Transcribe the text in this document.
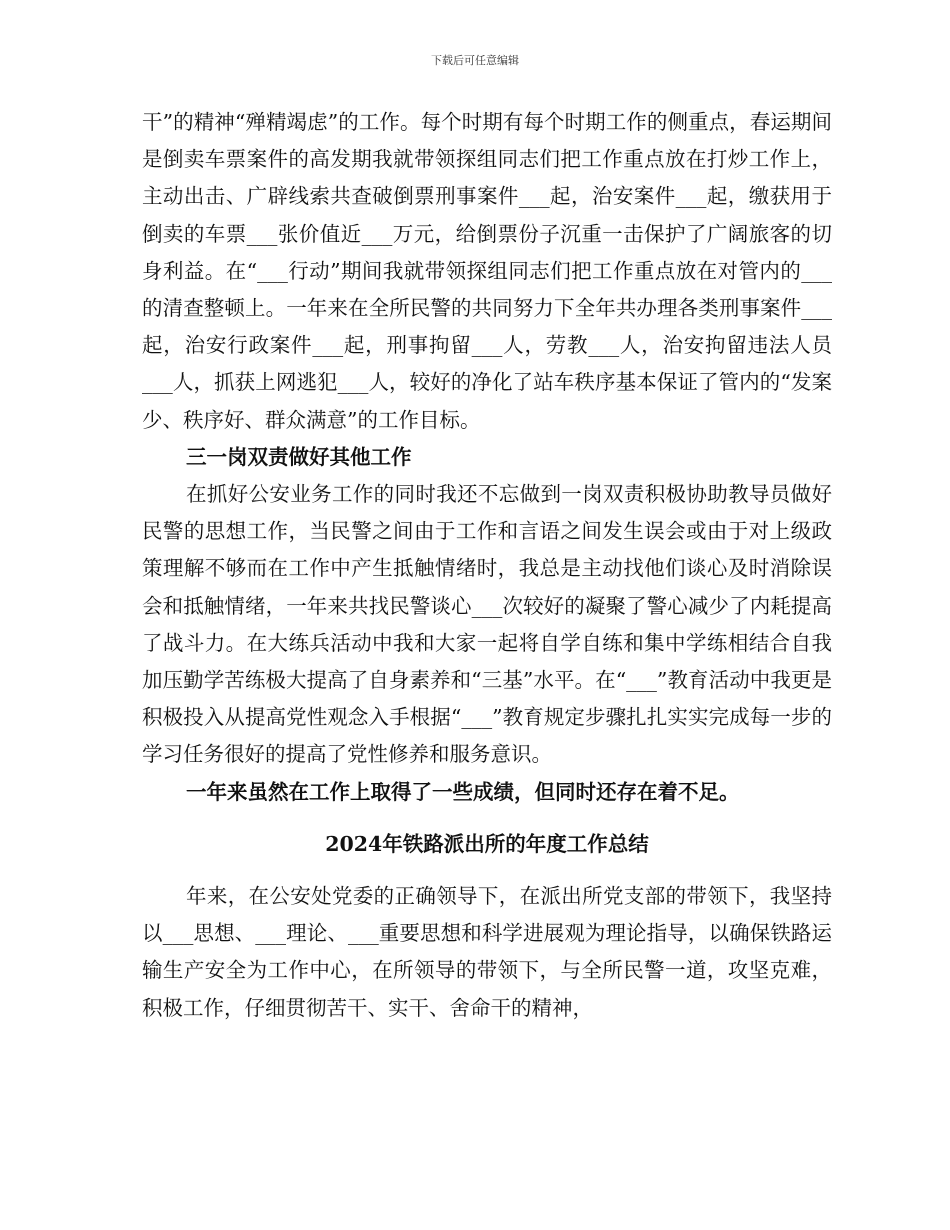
下载后可任意编辑

干”的精神“殚精竭虑”的工作。每个时期有每个时期工作的侧重点，春运期间是倒卖车票案件的高发期我就带领探组同志们把工作重点放在打炒工作上，主动出击、广辟线索共查破倒票刑事案件___起，治安案件___起，缴获用于倒卖的车票___张价值近___万元，给倒票份子沉重一击保护了广阔旅客的切身利益。在“___行动”期间我就带领探组同志们把工作重点放在对管内的___的清查整顿上。一年来在全所民警的共同努力下全年共办理各类刑事案件___起，治安行政案件___起，刑事拘留___人，劳教___人，治安拘留违法人员___人，抓获上网逃犯___人，较好的净化了站车秩序基本保证了管内的“发案少、秩序好、群众满意”的工作目标。

三一岗双责做好其他工作

在抓好公安业务工作的同时我还不忘做到一岗双责积极协助教导员做好民警的思想工作，当民警之间由于工作和言语之间发生误会或由于对上级政策理解不够而在工作中产生抵触情绪时，我总是主动找他们谈心及时消除误会和抵触情绪，一年来共找民警谈心___次较好的凝聚了警心减少了内耗提高了战斗力。在大练兵活动中我和大家一起将自学自练和集中学练相结合自我加压勤学苦练极大提高了自身素养和“三基”水平。在“___”教育活动中我更是积极投入从提高党性观念入手根据“___”教育规定步骤扎扎实实完成每一步的学习任务很好的提高了党性修养和服务意识。

一年来虽然在工作上取得了一些成绩，但同时还存在着不足。

2024年铁路派出所的年度工作总结

年来，在公安处党委的正确领导下，在派出所党支部的带领下，我坚持以___思想、___理论、___重要思想和科学进展观为理论指导，以确保铁路运输生产安全为工作中心，在所领导的带领下，与全所民警一道，攻坚克难，积极工作，仔细贯彻苦干、实干、舍命干的精神，
